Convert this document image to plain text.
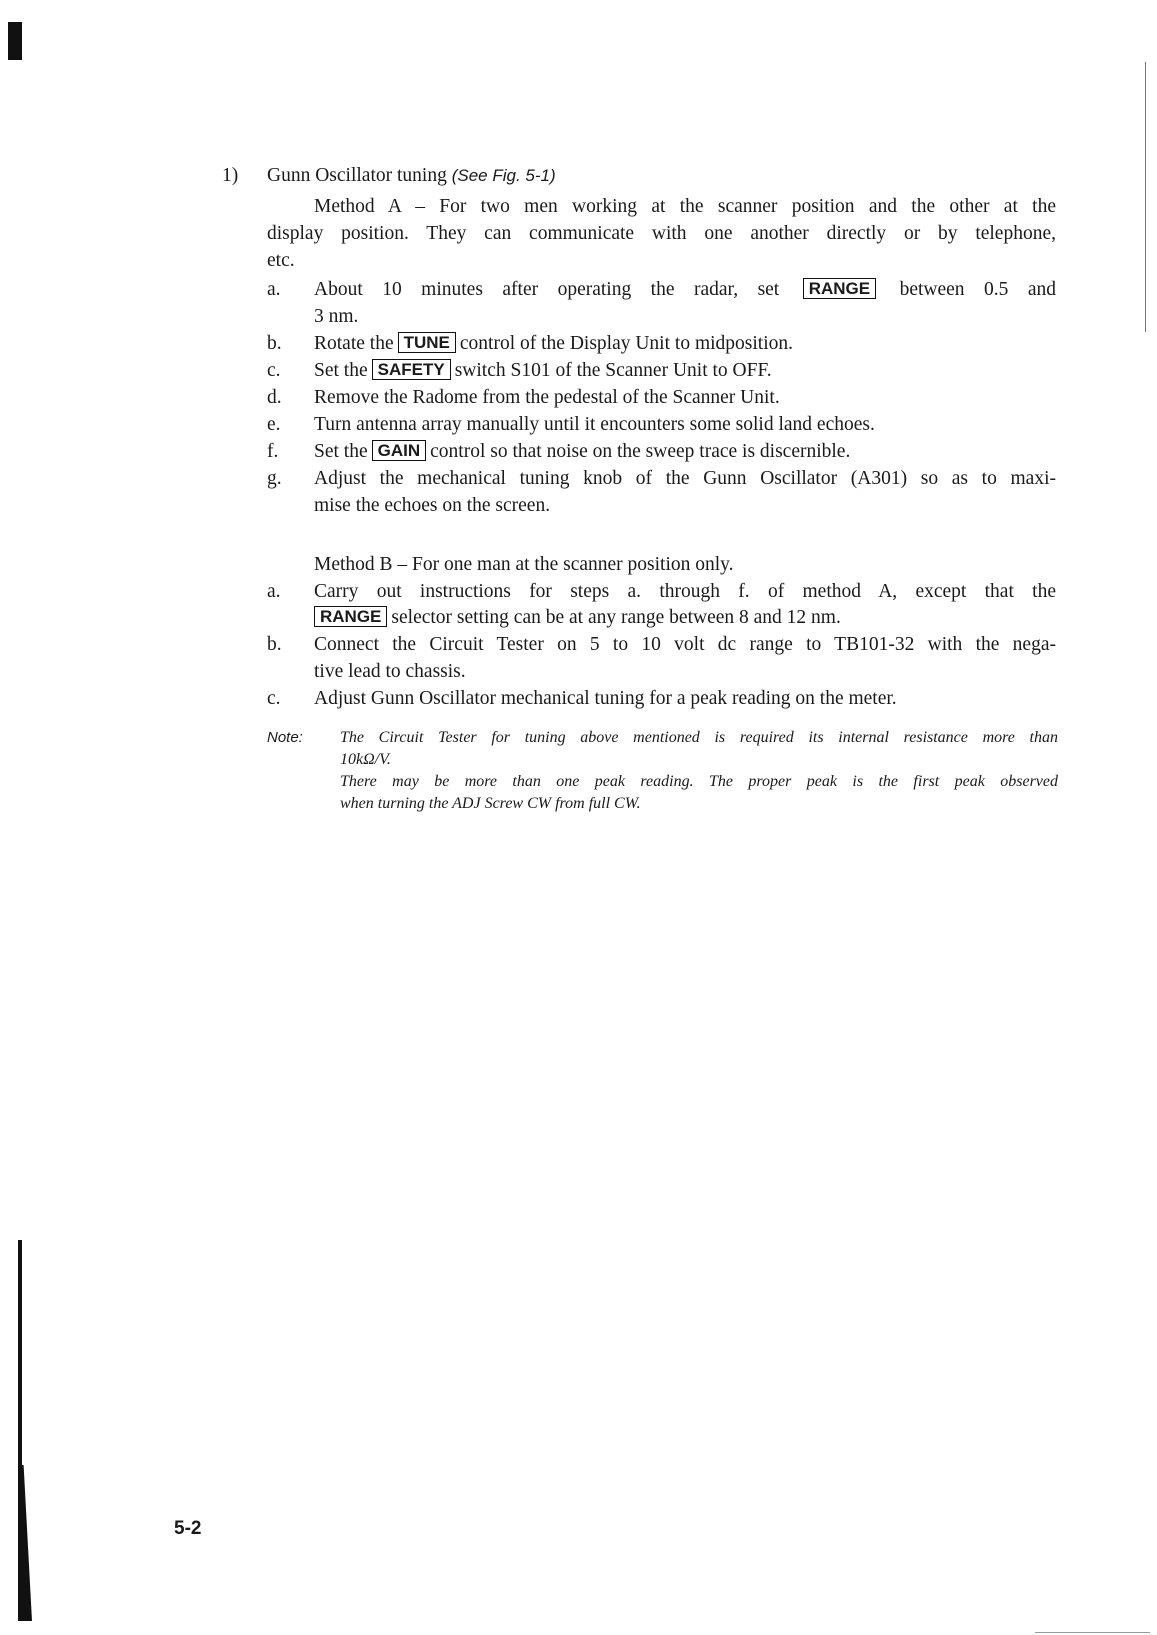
1) Gunn Oscillator tuning (See Fig. 5-1)
Method A – For two men working at the scanner position and the other at the
display position. They can communicate with one another directly or by telephone,
etc.
a. About 10 minutes after operating the radar, set RANGE between 0.5 and
3 nm.
b. Rotate the TUNE control of the Display Unit to midposition.
c. Set the SAFETY switch S101 of the Scanner Unit to OFF.
d. Remove the Radome from the pedestal of the Scanner Unit.
e. Turn antenna array manually until it encounters some solid land echoes.
f. Set the GAIN control so that noise on the sweep trace is discernible.
g. Adjust the mechanical tuning knob of the Gunn Oscillator (A301) so as to maxi-
mise the echoes on the screen.
Method B – For one man at the scanner position only.
a. Carry out instructions for steps a. through f. of method A, except that the
RANGE selector setting can be at any range between 8 and 12 nm.
b. Connect the Circuit Tester on 5 to 10 volt dc range to TB101-32 with the nega-
tive lead to chassis.
c. Adjust Gunn Oscillator mechanical tuning for a peak reading on the meter.
Note: The Circuit Tester for tuning above mentioned is required its internal resistance more than
10kΩ/V.
There may be more than one peak reading. The proper peak is the first peak observed
when turning the ADJ Screw CW from full CW.
5-2
